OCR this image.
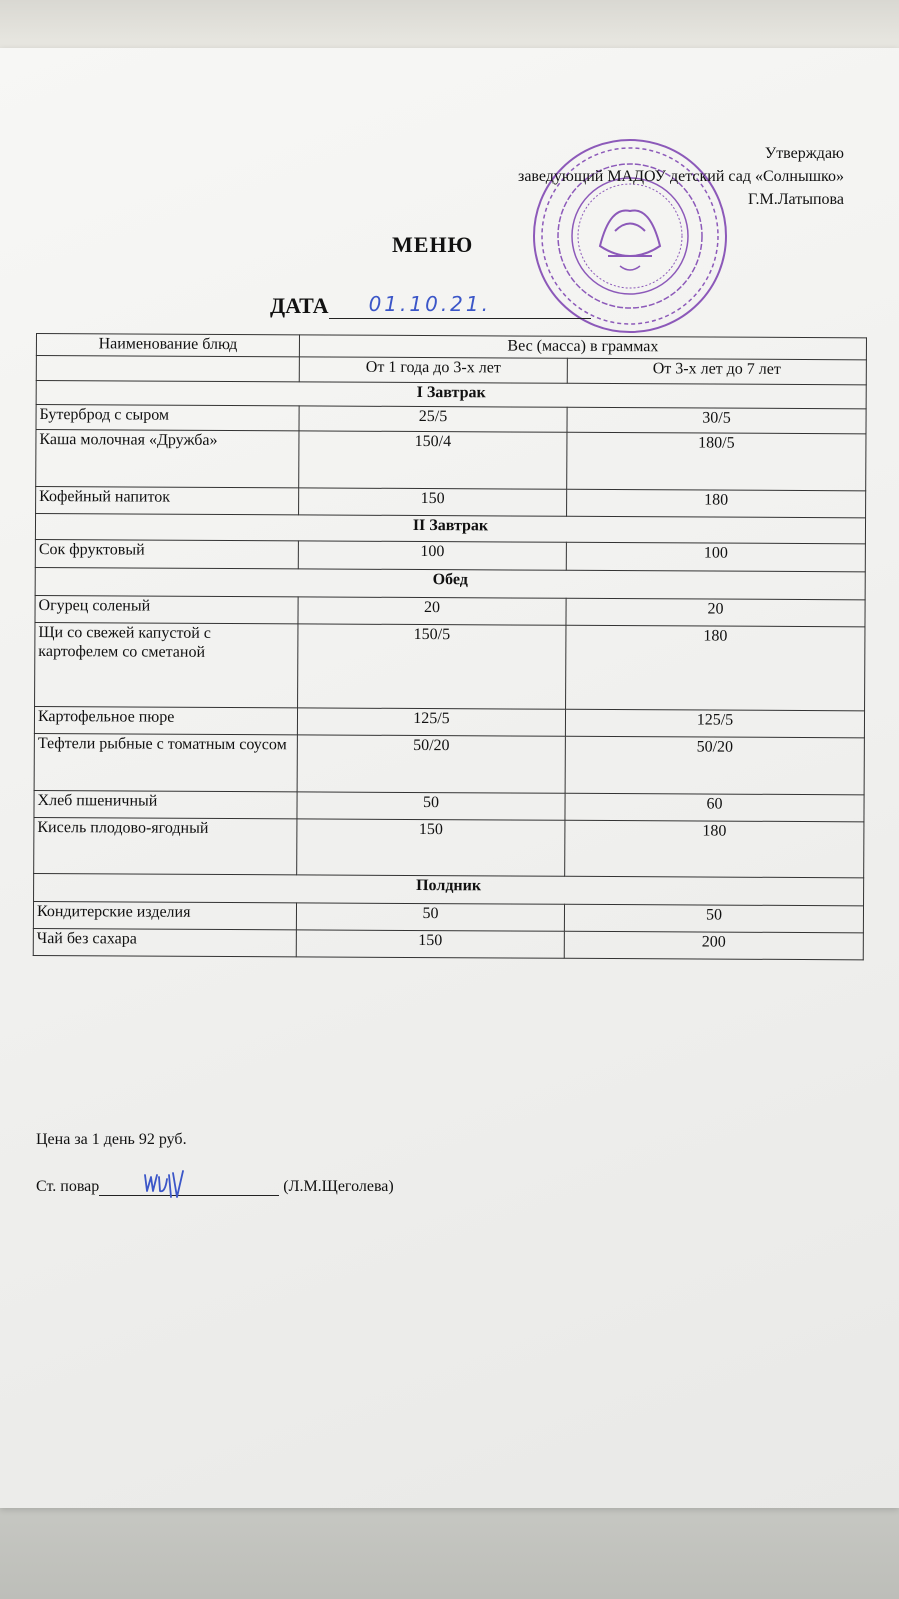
Утверждаю
заведующий МАДОУ детский сад «Солнышко»
Г.М.Латыпова
МЕНЮ
ДАТА 01.10.21.
Наименование блюд	Вес (масса) в граммах	
	От 1 года до 3-х лет	От 3-х лет до 7 лет
I Завтрак		
Бутерброд с сыром	25/5	30/5
Каша молочная «Дружба»	150/4	180/5
Кофейный напиток	150	180
II Завтрак		
Сок фруктовый	100	100
Обед		
Огурец соленый	20	20
Щи со свежей капустой с картофелем со сметаной	150/5	180
Картофельное пюре	125/5	125/5
Тефтели рыбные с томатным соусом	50/20	50/20
Хлеб пшеничный	50	60
Кисель плодово-ягодный	150	180
Полдник		
Кондитерские изделия	50	50
Чай без сахара	150	200
Цена за 1 день 92 руб.
Ст. повар	(Л.М.Щеголева)
